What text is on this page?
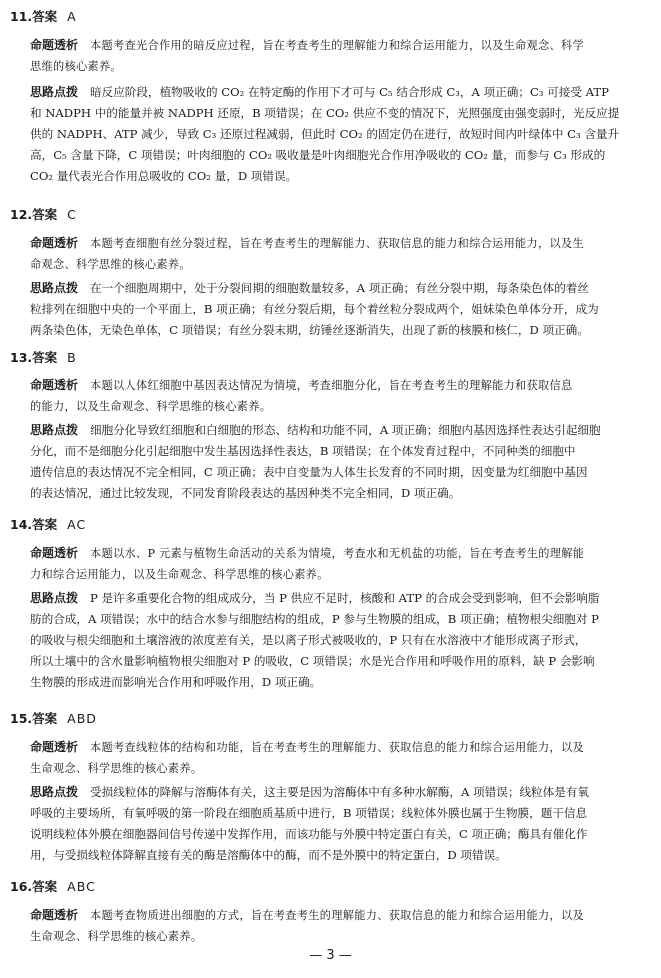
11.答案 A
命题透析 本题考查光合作用的暗反应过程，旨在考查考生的理解能力和综合运用能力，以及生命观念、科学
思维的核心素养。
思路点拨 暗反应阶段，植物吸收的 CO₂ 在特定酶的作用下才可与 C₅ 结合形成 C₃，A 项正确；C₃ 可接受 ATP
和 NADPH 中的能量并被 NADPH 还原，B 项错误；在 CO₂ 供应不变的情况下，光照强度由强变弱时，光反应提
供的 NADPH、ATP 减少，导致 C₃ 还原过程减弱，但此时 CO₂ 的固定仍在进行，故短时间内叶绿体中 C₃ 含量升
高，C₅ 含量下降，C 项错误；叶肉细胞的 CO₂ 吸收量是叶肉细胞光合作用净吸收的 CO₂ 量，而参与 C₃ 形成的
CO₂ 量代表光合作用总吸收的 CO₂ 量，D 项错误。
12.答案 C
命题透析 本题考查细胞有丝分裂过程，旨在考查考生的理解能力、获取信息的能力和综合运用能力，以及生
命观念、科学思维的核心素养。
思路点拨 在一个细胞周期中，处于分裂间期的细胞数量较多，A 项正确；有丝分裂中期，每条染色体的着丝
粒排列在细胞中央的一个平面上，B 项正确；有丝分裂后期，每个着丝粒分裂成两个，姐妹染色单体分开，成为
两条染色体，无染色单体，C 项错误；有丝分裂末期，纺锤丝逐渐消失，出现了新的核膜和核仁，D 项正确。
13.答案 B
命题透析 本题以人体红细胞中基因表达情况为情境，考查细胞分化，旨在考查考生的理解能力和获取信息
的能力，以及生命观念、科学思维的核心素养。
思路点拨 细胞分化导致红细胞和白细胞的形态、结构和功能不同，A 项正确；细胞内基因选择性表达引起细胞
分化，而不是细胞分化引起细胞中发生基因选择性表达，B 项错误；在个体发育过程中，不同种类的细胞中
遗传信息的表达情况不完全相同，C 项正确；表中自变量为人体生长发育的不同时期，因变量为红细胞中基因
的表达情况，通过比较发现，不同发育阶段表达的基因种类不完全相同，D 项正确。
14.答案 AC
命题透析 本题以水、P 元素与植物生命活动的关系为情境，考查水和无机盐的功能，旨在考查考生的理解能
力和综合运用能力，以及生命观念、科学思维的核心素养。
思路点拨 P 是许多重要化合物的组成成分，当 P 供应不足时，核酸和 ATP 的合成会受到影响，但不会影响脂
肪的合成，A 项错误；水中的结合水参与细胞结构的组成，P 参与生物膜的组成，B 项正确；植物根尖细胞对 P
的吸收与根尖细胞和土壤溶液的浓度差有关，是以离子形式被吸收的，P 只有在水溶液中才能形成离子形式，
所以土壤中的含水量影响植物根尖细胞对 P 的吸收，C 项错误；水是光合作用和呼吸作用的原料，缺 P 会影响
生物膜的形成进而影响光合作用和呼吸作用，D 项正确。
15.答案 ABD
命题透析 本题考查线粒体的结构和功能，旨在考查考生的理解能力、获取信息的能力和综合运用能力，以及
生命观念、科学思维的核心素养。
思路点拨 受损线粒体的降解与溶酶体有关，这主要是因为溶酶体中有多种水解酶，A 项错误；线粒体是有氧
呼吸的主要场所，有氧呼吸的第一阶段在细胞质基质中进行，B 项错误；线粒体外膜也属于生物膜，题干信息
说明线粒体外膜在细胞器间信号传递中发挥作用，而该功能与外膜中特定蛋白有关，C 项正确；酶具有催化作
用，与受损线粒体降解直接有关的酶是溶酶体中的酶，而不是外膜中的特定蛋白，D 项错误。
16.答案 ABC
命题透析 本题考查物质进出细胞的方式，旨在考查考生的理解能力、获取信息的能力和综合运用能力，以及
生命观念、科学思维的核心素养。
— 3 —
